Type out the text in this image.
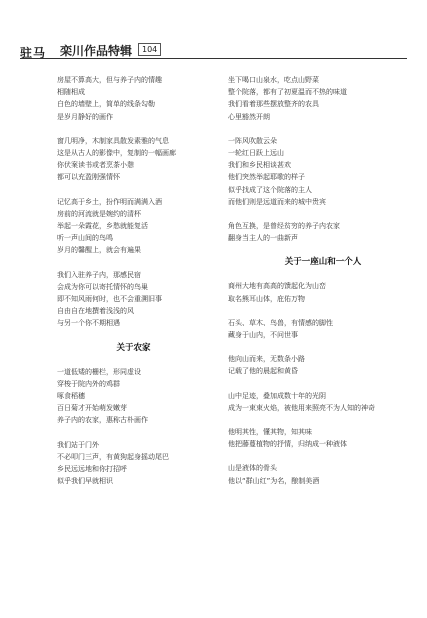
驻马 栾川作品特辑	104
房屋不算高大，但与养子内的情趣
相随相成
白色的墙壁上，简单的线条勾勒
是岁月静好的画作
窗几明净，木制家具散发素雅的气息
这是从古人的影像中，复制的一幅画廊
你伏案读书或者烹茶小憩
都可以充盈刚强情怀
记忆高于乡土，扮作明而满满入酒
房前的河流就是婉约的清杯
举起一朵霞花，乡愁就能复活
听一声山间的鸟鸣
岁月的馨醒上，就会有遍果
我们入驻养子内，那感民宿
会成为你可以寄托情怀的鸟巢
即不知风雨何时，也不会重溯旧事
自由自在地撰着浅浅的风
与另一个你不期相遇
关于农家
一道低矮的栅栏，形同虚设
穿梭于院内外的鸡群
啄食稻穗
百日菊才开始萌发嫩芽
养子内的农家，惠称古朴画作
我们站于门外
不必叩门三声，有黄狗起身摇动尾巴
乡民远远地和你打招呼
似乎我们早就相识
坐下喝口山泉水，吃点山野菜
整个院落，都有了初夏温而不热的味道
我们看着那些摆放整齐的农具
心里豁然开朗
一阵风吹散云朵
一轮红日跃上远山
我们和乡民相谈甚欢
他们突然举起耶歌的样子
似乎找成了这个院落的主人
而他们则是远道而来的城中贵宾
角色互换，是曾经贫穷的养子内农家
翻身当主人的一曲新声
关于一座山和一个人
商州大地有高高的馈起化为山峦
取名熊耳山体，庇佑万物
石头、草木、鸟兽，有情感的脚性
藏身于山内，不问世事
他向山而来，无数条小路
记载了他的晨起和黄昏
山中足迹，叠加成数十年的光阴
成为一束束火焰，被他用来照亮不为人知的神奇
他明其性，懂其物，知其味
他把藤蔓植物的抒情，归纳成一种液体
山是液体的骨头
他以“群山红”为名，酿制美酒
